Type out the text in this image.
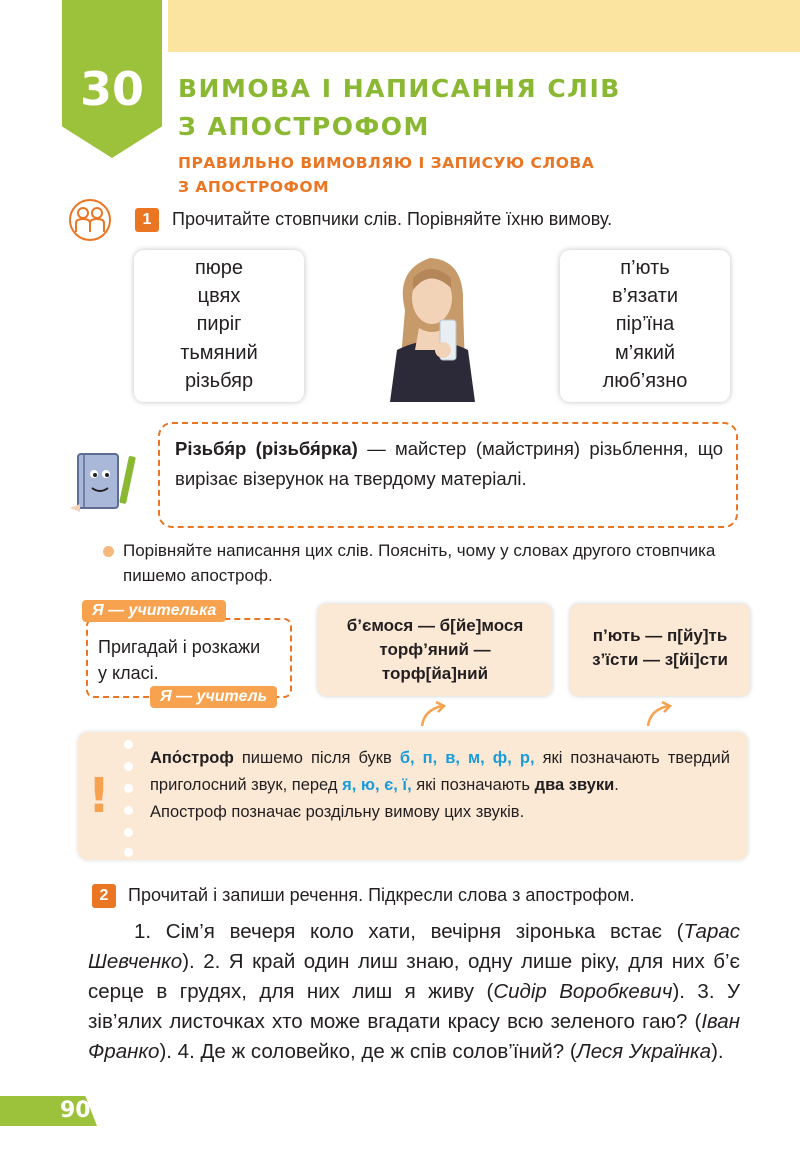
30	ВИМОВА І НАПИСАННЯ СЛІВ
З АПОСТРОФОМ
ПРАВИЛЬНО ВИМОВЛЯЮ І ЗАПИСУЮ СЛОВА
З АПОСТРОФОМ
1	Прочитайте стовпчики слів. Порівняйте їхню вимову.
пюре
цвях
пиріг
тьмяний
різьбяр
п’ють
в’язати
пір’їна
м’який
люб’язно
Різьбя́р (різьбя́рка) — майстер (майстриня) різьблення, що вирізає візерунок на твердому матеріалі.
Порівняйте написання цих слів. Поясніть, чому у словах другого стовпчика пишемо апостроф.
Я — учителька
Пригадай і розкажи
у класі.
Я — учитель
б’ємося — б[йе]мося
торф’яний —
торф[йа]ний
п’ють — п[йу]ть
з’їсти — з[йі]сти
!
Апо́строф пишемо після букв б, п, в, м, ф, р, які позначають твердий приголосний звук, перед я, ю, є, ї, які позначають два звуки.
Апостроф позначає роздільну вимову цих звуків.
2	Прочитай і запиши речення. Підкресли слова з апострофом.
1. Сім’я вечеря коло хати, вечірня зіронька встає (Тарас Шевченко). 2. Я край один лиш знаю, одну лише ріку, для них б’є серце в грудях, для них лиш я живу (Сидір Воробкевич). 3. У зів’ялих листочках хто може вгадати красу всю зеленого гаю? (Іван Франко). 4. Де ж соловейко, де ж спів солов’їний? (Леся Українка).
90
